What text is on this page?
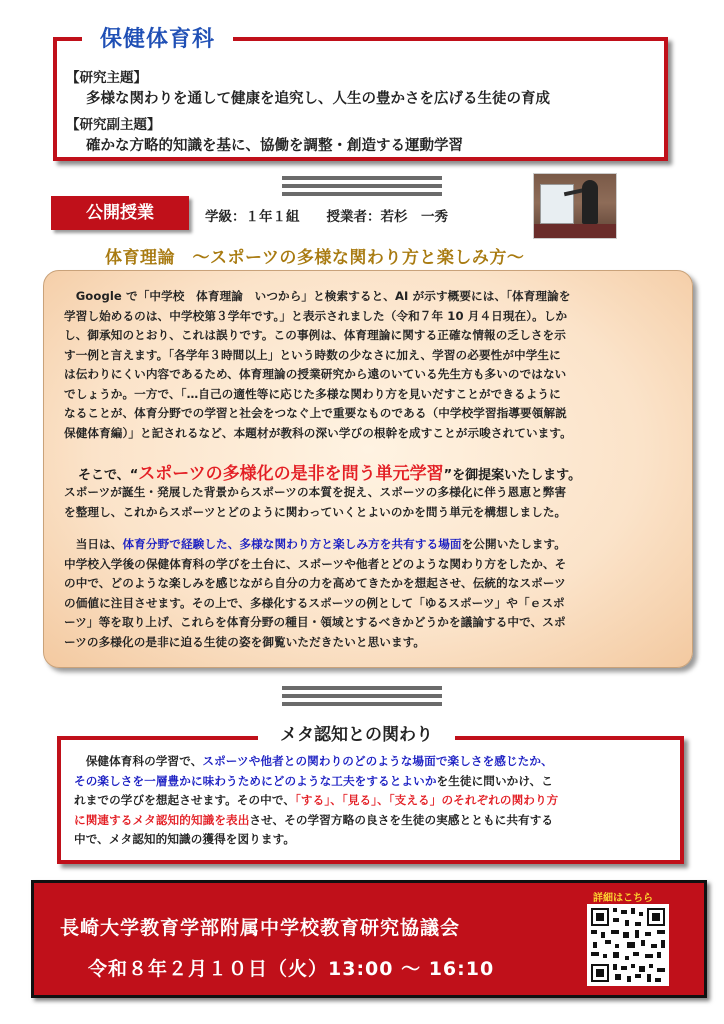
保健体育科
【研究主題】
多様な関わりを通して健康を追究し、人生の豊かさを広げる生徒の育成
【研究副主題】
確かな方略的知識を基に、協働を調整・創造する運動学習
公開授業	学級：１年１組　　授業者：若杉　一秀
体育理論　～スポーツの多様な関わり方と楽しみ方～
　Google で「中学校　体育理論　いつから」と検索すると、AI が示す概要には、「体育理論を
学習し始めるのは、中学校第３学年です。」と表示されました（令和７年 10 月４日現在）。しか
し、御承知のとおり、これは誤りです。この事例は、体育理論に関する正確な情報の乏しさを示
す一例と言えます。「各学年３時間以上」という時数の少なさに加え、学習の必要性が中学生に
は伝わりにくい内容であるため、体育理論の授業研究から遠のいている先生方も多いのではない
でしょうか。一方で、「…自己の適性等に応じた多様な関わり方を見いだすことができるように
なることが、体育分野での学習と社会をつなぐ上で重要なものである（中学校学習指導要領解説
保健体育編）」と記されるなど、本題材が教科の深い学びの根幹を成すことが示唆されています。
そこで、“スポーツの多様化の是非を問う単元学習”を御提案いたします。
スポーツが誕生・発展した背景からスポーツの本質を捉え、スポーツの多様化に伴う恩恵と弊害
を整理し、これからスポーツとどのように関わっていくとよいのかを問う単元を構想しました。
　当日は、体育分野で経験した、多様な関わり方と楽しみ方を共有する場面を公開いたします。
中学校入学後の保健体育科の学びを土台に、スポーツや他者とどのような関わり方をしたか、そ
の中で、どのような楽しみを感じながら自分の力を高めてきたかを想起させ、伝統的なスポーツ
の価値に注目させます。その上で、多様化するスポーツの例として「ゆるスポーツ」や「ｅスポ
ーツ」等を取り上げ、これらを体育分野の種目・領域とするべきかどうかを議論する中で、スポ
ーツの多様化の是非に迫る生徒の姿を御覧いただきたいと思います。
メタ認知との関わり
　保健体育科の学習で、スポーツや他者との関わりのどのような場面で楽しさを感じたか、
その楽しさを一層豊かに味わうためにどのような工夫をするとよいかを生徒に問いかけ、こ
れまでの学びを想起させます。その中で、「する」、「見る」、「支える」のそれぞれの関わり方
に関連するメタ認知的知識を表出させ、その学習方略の良さを生徒の実感とともに共有する
中で、メタ認知的知識の獲得を図ります。
長崎大学教育学部附属中学校教育研究協議会
令和８年２月１０日（火）13:00 ～ 16:10
詳細はこちら
